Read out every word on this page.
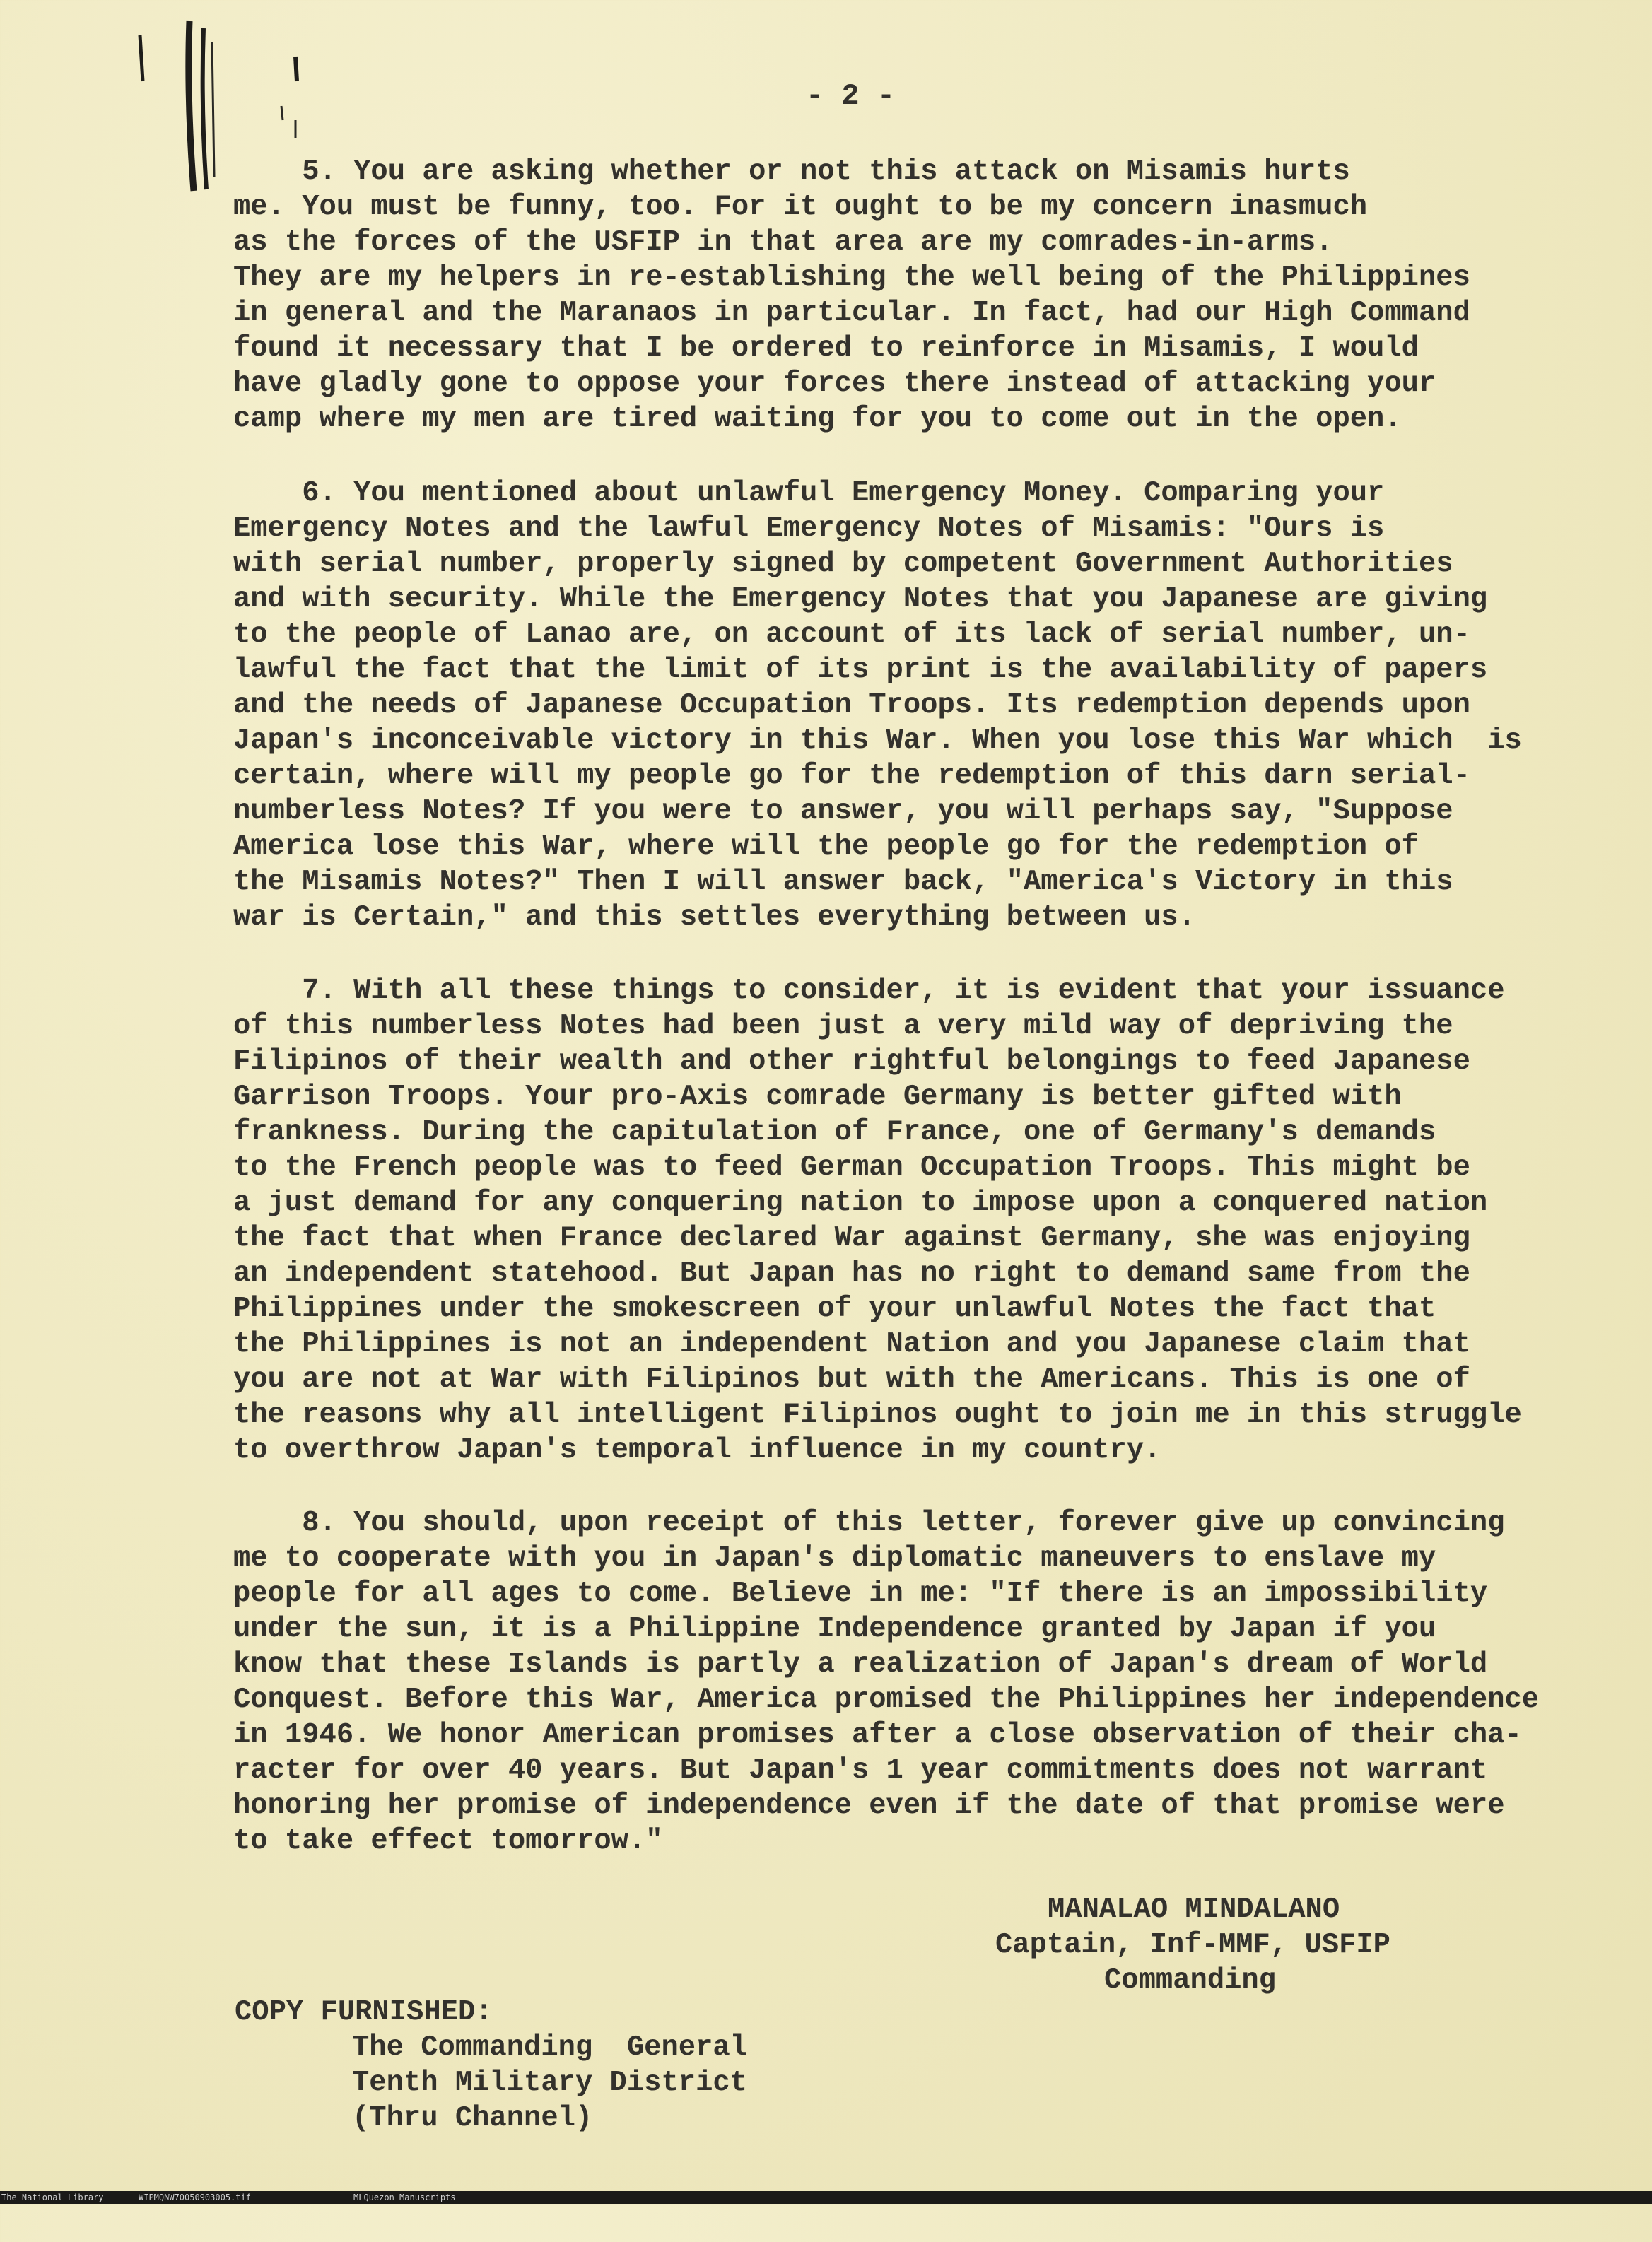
- 2 -
5. You are asking whether or not this attack on Misamis hurts
me. You must be funny, too. For it ought to be my concern inasmuch
as the forces of the USFIP in that area are my comrades-in-arms.
They are my helpers in re-establishing the well being of the Philippines
in general and the Maranaos in particular. In fact, had our High Command
found it necessary that I be ordered to reinforce in Misamis, I would
have gladly gone to oppose your forces there instead of attacking your
camp where my men are tired waiting for you to come out in the open.
6. You mentioned about unlawful Emergency Money. Comparing your
Emergency Notes and the lawful Emergency Notes of Misamis: "Ours is
with serial number, properly signed by competent Government Authorities
and with security. While the Emergency Notes that you Japanese are giving
to the people of Lanao are, on account of its lack of serial number, un-
lawful the fact that the limit of its print is the availability of papers
and the needs of Japanese Occupation Troops. Its redemption depends upon
Japan's inconceivable victory in this War. When you lose this War which  is
certain, where will my people go for the redemption of this darn serial-
numberless Notes? If you were to answer, you will perhaps say, "Suppose
America lose this War, where will the people go for the redemption of
the Misamis Notes?" Then I will answer back, "America's Victory in this
war is Certain," and this settles everything between us.
7. With all these things to consider, it is evident that your issuance
of this numberless Notes had been just a very mild way of depriving the
Filipinos of their wealth and other rightful belongings to feed Japanese
Garrison Troops. Your pro-Axis comrade Germany is better gifted with
frankness. During the capitulation of France, one of Germany's demands
to the French people was to feed German Occupation Troops. This might be
a just demand for any conquering nation to impose upon a conquered nation
the fact that when France declared War against Germany, she was enjoying
an independent statehood. But Japan has no right to demand same from the
Philippines under the smokescreen of your unlawful Notes the fact that
the Philippines is not an independent Nation and you Japanese claim that
you are not at War with Filipinos but with the Americans. This is one of
the reasons why all intelligent Filipinos ought to join me in this struggle
to overthrow Japan's temporal influence in my country.
8. You should, upon receipt of this letter, forever give up convincing
me to cooperate with you in Japan's diplomatic maneuvers to enslave my
people for all ages to come. Believe in me: "If there is an impossibility
under the sun, it is a Philippine Independence granted by Japan if you
know that these Islands is partly a realization of Japan's dream of World
Conquest. Before this War, America promised the Philippines her independence
in 1946. We honor American promises after a close observation of their cha-
racter for over 40 years. But Japan's 1 year commitments does not warrant
honoring her promise of independence even if the date of that promise were
to take effect tomorrow."
MANALAO MINDALANO
Captain, Inf-MMF, USFIP
Commanding
COPY FURNISHED:
The Commanding  General
Tenth Military District
(Thru Channel)

The National Library

	WIPMQNW70050903005.tif

	MLQuezon Manuscripts
